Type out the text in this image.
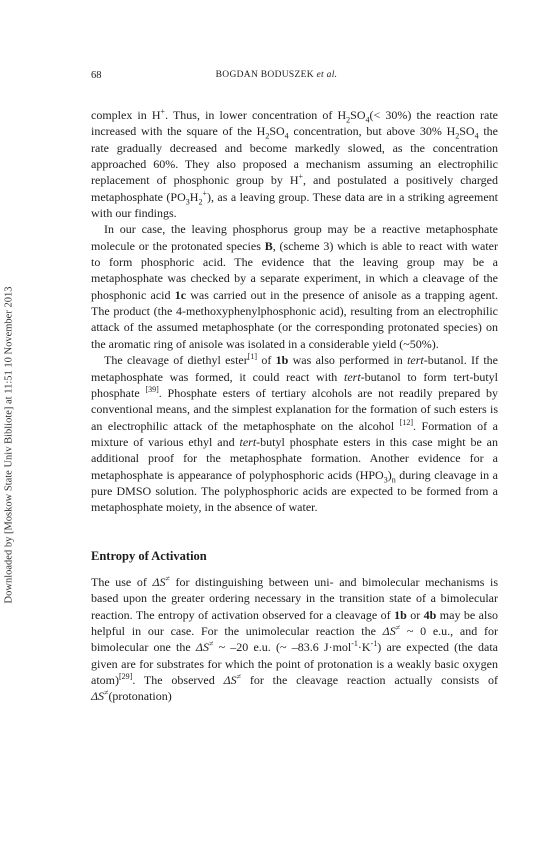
68	BOGDAN BODUSZEK et al.
Downloaded by [Moskow State Univ Bibliote] at 11:51 10 November 2013

complex in H+. Thus, in lower concentration of $H_2SO_4(< 30\%)$ the reaction rate increased with the square of the $H_2SO_4$ concentration, but above 30% $H_2SO_4$ the rate gradually decreased and become markedly slowed, as the concentration approached 60%. They also proposed a mechanism assuming an electrophilic replacement of phosphonic group by H+, and postulated a positively charged metaphosphate $(PO_3H_2^+)$, as a leaving group. These data are in a striking agreement with our findings.

In our case, the leaving phosphorus group may be a reactive metaphosphate molecule or the protonated species B, (scheme 3) which is able to react with water to form phosphoric acid. The evidence that the leaving group may be a metaphosphate was checked by a separate experiment, in which a cleavage of the phosphonic acid 1c was carried out in the presence of anisole as a trapping agent. The product (the 4-methoxyphenylphosphonic acid), resulting from an electrophilic attack of the assumed metaphosphate (or the corresponding protonated species) on the aromatic ring of anisole was isolated in a considerable yield (~50%).

The cleavage of diethyl ester[1] of 1b was also performed in tert-butanol. If the metaphosphate was formed, it could react with tert-butanol to form tert-butyl phosphate [39]. Phosphate esters of tertiary alcohols are not readily prepared by conventional means, and the simplest explanation for the formation of such esters is an electrophilic attack of the metaphosphate on the alcohol [12]. Formation of a mixture of various ethyl and tert-butyl phosphate esters in this case might be an additional proof for the metaphosphate formation. Another evidence for a metaphosphate is appearance of polyphosphoric acids $(HPO_3)_n$ during cleavage in a pure DMSO solution. The polyphosphoric acids are expected to be formed from a metaphosphate moiety, in the absence of water.

Entropy of Activation

The use of ΔS≠ for distinguishing between uni- and bimolecular mechanisms is based upon the greater ordering necessary in the transition state of a bimolecular reaction. The entropy of activation observed for a cleavage of 1b or 4b may be also helpful in our case. For the unimolecular reaction the ΔS≠ ~ 0 e.u., and for bimolecular one the ΔS≠ ~ –20 e.u. (~ –83.6 $J\cdot mol^{-1}\cdot K^{-1}$) are expected (the data given are for substrates for which the point of protonation is a weakly basic oxygen atom)[29]. The observed ΔS≠ for the cleavage reaction actually consists of ΔS≠(protonation)
